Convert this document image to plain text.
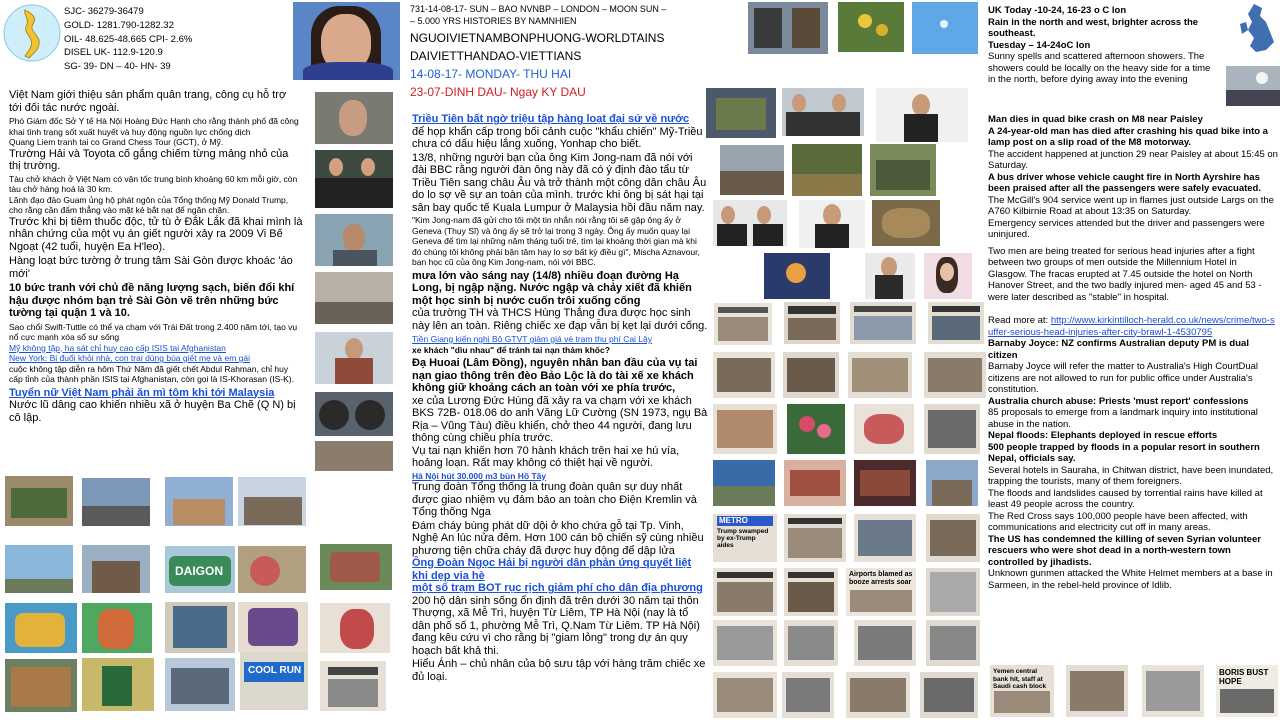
SJC- 36279-36479
GOLD- 1281.790-1282.32
OIL- 48.625-48.665 CPI- 2.6%
DISEL UK- 112.9-120.9
SG- 39- DN – 40- HN- 39

Việt Nam giới thiệu sản phẩm quân trang, công cụ hỗ trợ tới đối tác nước ngoài.

Phó Giám đốc Sở Y tế Hà Nội Hoàng Đức Hạnh cho rằng thành phố đã công khai tình trạng sốt xuất huyết và huy động nguồn lực chống dịch

Quang Liem tranh tai co Grand Chess Tour (GCT), ở Mỹ.

Trường Hải và Toyota cố gắng chiếm từng mảng nhỏ của thị trường.

Tàu chở khách ở Việt Nam có vận tốc trung bình khoảng 60 km mỗi giờ, còn tàu chở hàng hoá là 30 km.

Lãnh đạo đảo Guam ủng hộ phát ngôn của Tổng thống Mỹ Donald Trump, cho rằng cần đấm thẳng vào mặt kẻ bắt nạt để ngăn chặn.

Trước khi bị tiêm thuốc độc, tử tù ở Đắk Lắk đã khai mình là nhân chứng của một vụ án giết người xảy ra 2009 Vi Bế Ngoạt (42 tuổi, huyện Ea H'leo).

Hàng loạt bức tường ở trung tâm Sài Gòn được khoác 'áo mới'

10 bức tranh với chủ đề năng lượng sạch, biến đổi khí hậu được nhóm bạn trẻ Sài Gòn vẽ trên những bức tường tại quận 1 và 10.

Sao chổi Swift-Tuttle có thể va chạm với Trái Đất trong 2.400 năm tới, tạo vụ nổ cực mạnh xóa sổ sự sống

Mỹ không tập, ha sát chỉ huy cao cấp ISIS tai Afghanistan

New York: Bị đuổi khỏi nhà, con trai dùng búa giết mẹ và em gái

cuộc không tập diễn ra hôm Thứ Năm đã giết chết Abdul Rahman, chỉ huy cấp tỉnh của thành phần ISIS tại Afghanistan, còn gọi là IS-Khorasan (IS-K).

Tuyển nữ Việt Nam phải ăn mì tôm khi tới Malaysia

Nước lũ dâng cao khiến nhiều xã ở huyện Ba Chẽ (Q N) bị cô lập.

DAIGON
COOL RUN

731-14-08-17- SUN – BAO NVNBP – LONDON – MOON SUN –

– 5.000 YRS HISTORIES BY NAMNHIEN

NGUOIVIETNAMBONPHUONG-WORLDTAINS

DAIVIETTHANDAO-VIETTIANS

14-08-17- MONDAY- THU HAI

23-07-DINH DAU- Ngay KY DAU

Triều Tiên bất ngờ triệu tập hàng loạt đại sứ về nước

để họp khẩn cấp trong bối cảnh cuộc "khẩu chiến" Mỹ-Triều chưa có dấu hiệu lắng xuống, Yonhap cho biết.

13/8, những người bạn của ông Kim Jong-nam đã nói với đài BBC rằng người đàn ông này đã có ý định đào tẩu từ Triều Tiên sang châu Âu và trở thành một công dân châu Âu do lo sợ về sự an toàn của mình. trước khi ông bị sát hại tại sân bay quốc tế Kuala Lumpur ở Malaysia hồi đầu năm nay.

"Kim Jong-nam đã gửi cho tôi một tin nhắn nói rằng tôi sẽ gặp ông ấy ở Geneva (Thụy Sĩ) và ông ấy sẽ trở lại trong 3 ngày. Ông ấy muốn quay lại Geneva để tìm lại những năm tháng tuổi trẻ, tìm lại khoảng thời gian mà khi đó chúng tôi không phải bận tâm hay lo sợ bất kỳ điều gì", Mischa Aznavour, bạn học cũ của ông Kim Jong-nam, nói với BBC.

mưa lớn vào sáng nay (14/8) nhiều đoạn đường Hạ Long, bị ngập nặng. Nước ngập và chảy xiết đã khiến một học sinh bị nước cuốn trôi xuống cống

của trường TH và THCS Hùng Thắng đưa được học sinh này lên an toàn. Riêng chiếc xe đạp vẫn bị kẹt lại dưới cống.

Tiền Giang kiến nghị Bộ GTVT giảm giá vé trạm thu phí Cai Lậy

xe khách "dìu nhau" để tránh tai nạn thảm khốc?

Đạ Huoai (Lâm Đồng), nguyên nhân ban đầu của vụ tai nạn giao thông trên đèo Bảo Lộc là do tài xế xe khách không giữ khoảng cách an toàn với xe phía trước,

xe của Lương Đức Hùng đã xảy ra va chạm với xe khách BKS 72B- 018.06 do anh Văng Lữ Cường (SN 1973, ngụ Bà Rịa – Vũng Tàu) điều khiển, chở theo 44 người, đang lưu thông cùng chiều phía trước.

Vụ tai nạn khiến hơn 70 hành khách trên hai xe hú vía, hoảng loạn. Rất may không có thiệt hại về người.

Hà Nội hút 30.000 m3 bùn Hồ Tây

Trung đoàn Tổng thống là trung đoàn quân sự duy nhất được giao nhiệm vụ đảm bảo an toàn cho Điện Kremlin và Tổng thống Nga

Đám cháy bùng phát dữ dội ở kho chứa gỗ tại Tp. Vinh, Nghệ An lúc nửa đêm. Hơn 100 cán bộ chiến sỹ cùng nhiều phương tiện chữa cháy đã được huy động để dập lửa

Ông Đoàn Ngọc Hải bị người dân phản ứng quyết liệt khi dẹp via hè

một số trạm BOT rục rịch giảm phí cho dân địa phương

200 hộ dân sinh sống ổn định đã trên dưới 30 năm tại thôn Thượng, xã Mễ Trì, huyện Từ Liêm, TP Hà Nội (nay là tổ dân phố số 1, phường Mễ Trì, Q.Nam Từ Liêm. TP Hà Nội) đang kêu cứu vì cho rằng bị "giam lỏng" trong dự án quy hoạch bất khả thi.

Hiểu Ánh – chủ nhân của bộ sưu tập với hàng trăm chiếc xe đủ loại.

METRO
Trump swamped by ex-Trump aides
Airports blamed as booze arrests soar
Yemen central bank hit, staff at Saudi cash block
BORIS BUST HOPE

UK Today -10-24, 16-23 o C lon

Rain in the north and west, brighter across the southeast.

Tuesday – 14-24oC lon

Sunny spells and scattered afternoon showers. The showers could be locally on the heavy side for a time in the north, before dying away into the evening

Man dies in quad bike crash on M8 near Paisley

A 24-year-old man has died after crashing his quad bike into a lamp post on a slip road of the M8 motorway.

The accident happened at junction 29 near Paisley at about 15:45 on Saturday.

A bus driver whose vehicle caught fire in North Ayrshire has been praised after all the passengers were safely evacuated.

The McGill's 904 service went up in flames just outside Largs on the A760 Kilbirnie Road at about 13:35 on Saturday.

Emergency services attended but the driver and passengers were uninjured.

Two men are being treated for serious head injuries after a fight between two groups of men outside the Millennium Hotel in Glasgow. The fracas erupted at 7.45 outside the hotel on North Hanover Street, and the two badly injured men- aged 45 and 53 - were later described as "stable" in hospital.

Read more at: http://www.kirkintilloch-herald.co.uk/news/crime/two-suffer-serious-head-injuries-after-city-brawl-1-4530795

Barnaby Joyce: NZ confirms Australian deputy PM is dual citizen

Barnaby Joyce will refer the matter to Australia's High CourtDual citizens are not allowed to run for public office under Australia's constitution.

Australia church abuse: Priests 'must report' confessions

85 proposals to emerge from a landmark inquiry into institutional abuse in the nation.

Nepal floods: Elephants deployed in rescue efforts

500 people trapped by floods in a popular resort in southern Nepal, officials say.

Several hotels in Sauraha, in Chitwan district, have been inundated, trapping the tourists, many of them foreigners.

The floods and landslides caused by torrential rains have killed at least 49 people across the country.

The Red Cross says 100,000 people have been affected, with communications and electricity cut off in many areas.

The US has condemned the killing of seven Syrian volunteer rescuers who were shot dead in a north-western town controlled by jihadists.

Unknown gunmen attacked the White Helmet members at a base in Sarmeen, in the rebel-held province of Idlib.
